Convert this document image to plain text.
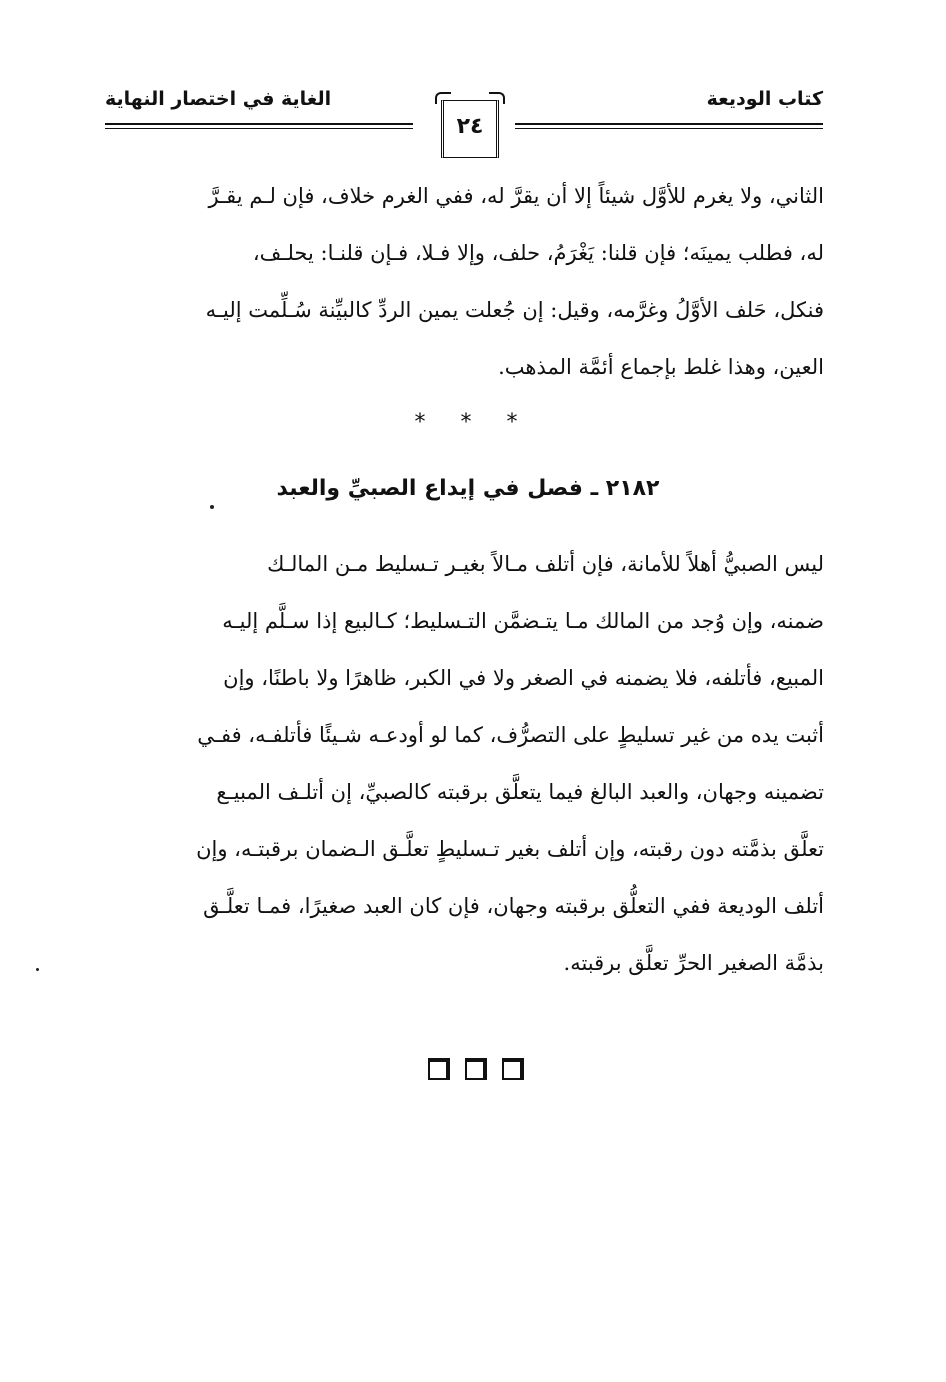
كتاب الوديعة
الغاية في اختصار النهاية
٢٤
الثاني، ولا يغرم للأوَّل شيئاً إلا أن يقرَّ له، ففي الغرم خلاف، فإن لـم يقـرَّ
له، فطلب يمينَه؛ فإن قلنا: يَغْرَمُ، حلف، وإلا فـلا، فـإن قلنـا: يحلـف،
فنكل، حَلف الأوَّلُ وغرَّمه، وقيل: إن جُعلت يمين الردِّ كالبيِّنة سُـلِّمت إليـه
العين، وهذا غلط بإجماع أئمَّة المذهب.
* * *
٢١٨٢ ـ فصل في إيداع الصبيِّ والعبد
ليس الصبيُّ أهلاً للأمانة، فإن أتلف مـالاً بغيـر تـسليط مـن المالـك
ضمنه، وإن وُجد من المالك مـا يتـضمَّن التـسليط؛ كـالبيع إذا سـلَّم إليـه
المبيع، فأتلفه، فلا يضمنه في الصغر ولا في الكبر، ظاهرًا ولا باطنًا، وإن
أثبت يده من غير تسليطٍ على التصرُّف، كما لو أودعـه شـيئًا فأتلفـه، ففـي
تضمينه وجهان، والعبد البالغ فيما يتعلَّق برقبته كالصبيِّ، إن أتلـف المبيـع
تعلَّق بذمَّته دون رقبته، وإن أتلف بغير تـسليطٍ تعلَّـق الـضمان برقبتـه، وإن
أتلف الوديعة ففي التعلُّق برقبته وجهان، فإن كان العبد صغيرًا، فمـا تعلَّـق
بذمَّة الصغير الحرِّ تعلَّق برقبته.
